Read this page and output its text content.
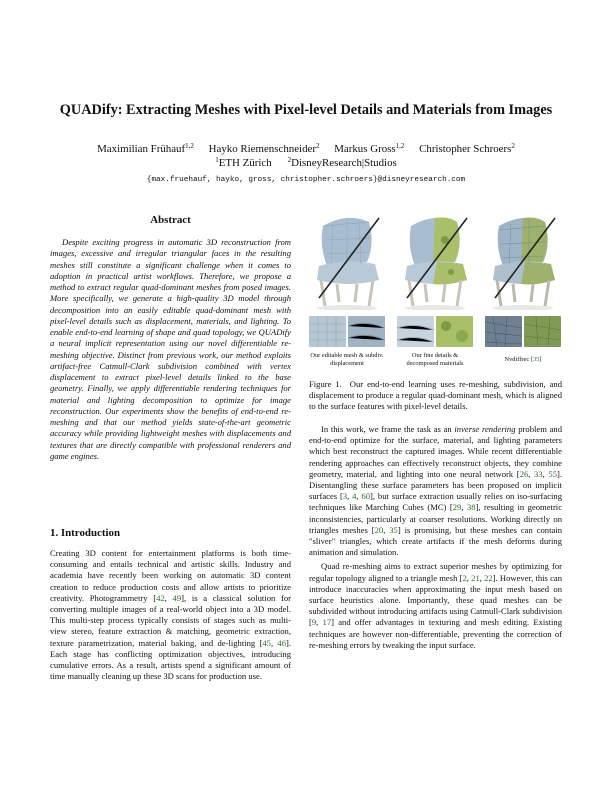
QUADify: Extracting Meshes with Pixel-level Details and Materials from Images
Maximilian Frühauf$^{1,2}$ Hayko Riemenschneider$^2$ Markus Gross$^{1,2}$ Christopher Schroers$^2$
$^1$ETH Zürich $^2$DisneyResearch|Studios
{max.fruehauf, hayko, gross, christopher.schroers}@disneyresearch.com
Abstract

Despite exciting progress in automatic 3D reconstruction from images, excessive and irregular triangular faces in the resulting meshes still constitute a significant challenge when it comes to adoption in practical artist workflows. Therefore, we propose a method to extract regular quad-dominant meshes from posed images. More specifically, we generate a high-quality 3D model through decomposition into an easily editable quad-dominant mesh with pixel-level details such as displacement, materials, and lighting. To enable end-to-end learning of shape and quad topology, we QUADify a neural implicit representation using our novel differentiable re-meshing objective. Distinct from previous work, our method exploits artifact-free Catmull-Clark subdivision combined with vertex displacement to extract pixel-level details linked to the base geometry. Finally, we apply differentiable rendering techniques for material and lighting decomposition to optimize for image reconstruction. Our experiments show the benefits of end-to-end re-meshing and that our method yields state-of-the-art geometric accuracy while providing lightweight meshes with displacements and textures that are directly compatible with professional renderers and game engines.

1. Introduction

Creating 3D content for entertainment platforms is both time-consuming and entails technical and artistic skills. Industry and academia have recently been working on automatic 3D content creation to reduce production costs and allow artists to prioritize creativity. Photogrammetry [42, 49], is a classical solution for converting multiple images of a real-world object into a 3D model. This multi-step process typically consists of stages such as multi-view stereo, feature extraction & matching, geometric extraction, texture parametrization, material baking, and de-lighting [45, 46]. Each stage has conflicting optimization objectives, introducing cumulative errors. As a result, artists spend a significant amount of time manually cleaning up these 3D scans for production use.

Our editable mesh & subdiv. displacement
Our fine details & decomposed materials
Nvdiffrec [35]

Figure 1. Our end-to-end learning uses re-meshing, subdivision, and displacement to produce a regular quad-dominant mesh, which is aligned to the surface features with pixel-level details.

In this work, we frame the task as an inverse rendering problem and end-to-end optimize for the surface, material, and lighting parameters which best reconstruct the captured images. While recent differentiable rendering approaches can effectively reconstruct objects, they combine geometry, material, and lighting into one neural network [26, 33, 55]. Disentangling these surface parameters has been proposed on implicit surfaces [3, 4, 60], but surface extraction usually relies on iso-surfacing techniques like Marching Cubes (MC) [29, 38], resulting in geometric inconsistencies, particularly at coarser resolutions. Working directly on triangles meshes [20, 35] is promising, but these meshes can contain "sliver" triangles, which create artifacts if the mesh deforms during animation and simulation.

Quad re-meshing aims to extract superior meshes by optimizing for regular topology aligned to a triangle mesh [2, 21, 22]. However, this can introduce inaccuracies when approximating the input mesh based on surface heuristics alone. Importantly, these quad meshes can be subdivided without introducing artifacts using Catmull-Clark subdivision [9, 17] and offer advantages in texturing and mesh editing. Existing techniques are however non-differentiable, preventing the correction of re-meshing errors by tweaking the input surface.
